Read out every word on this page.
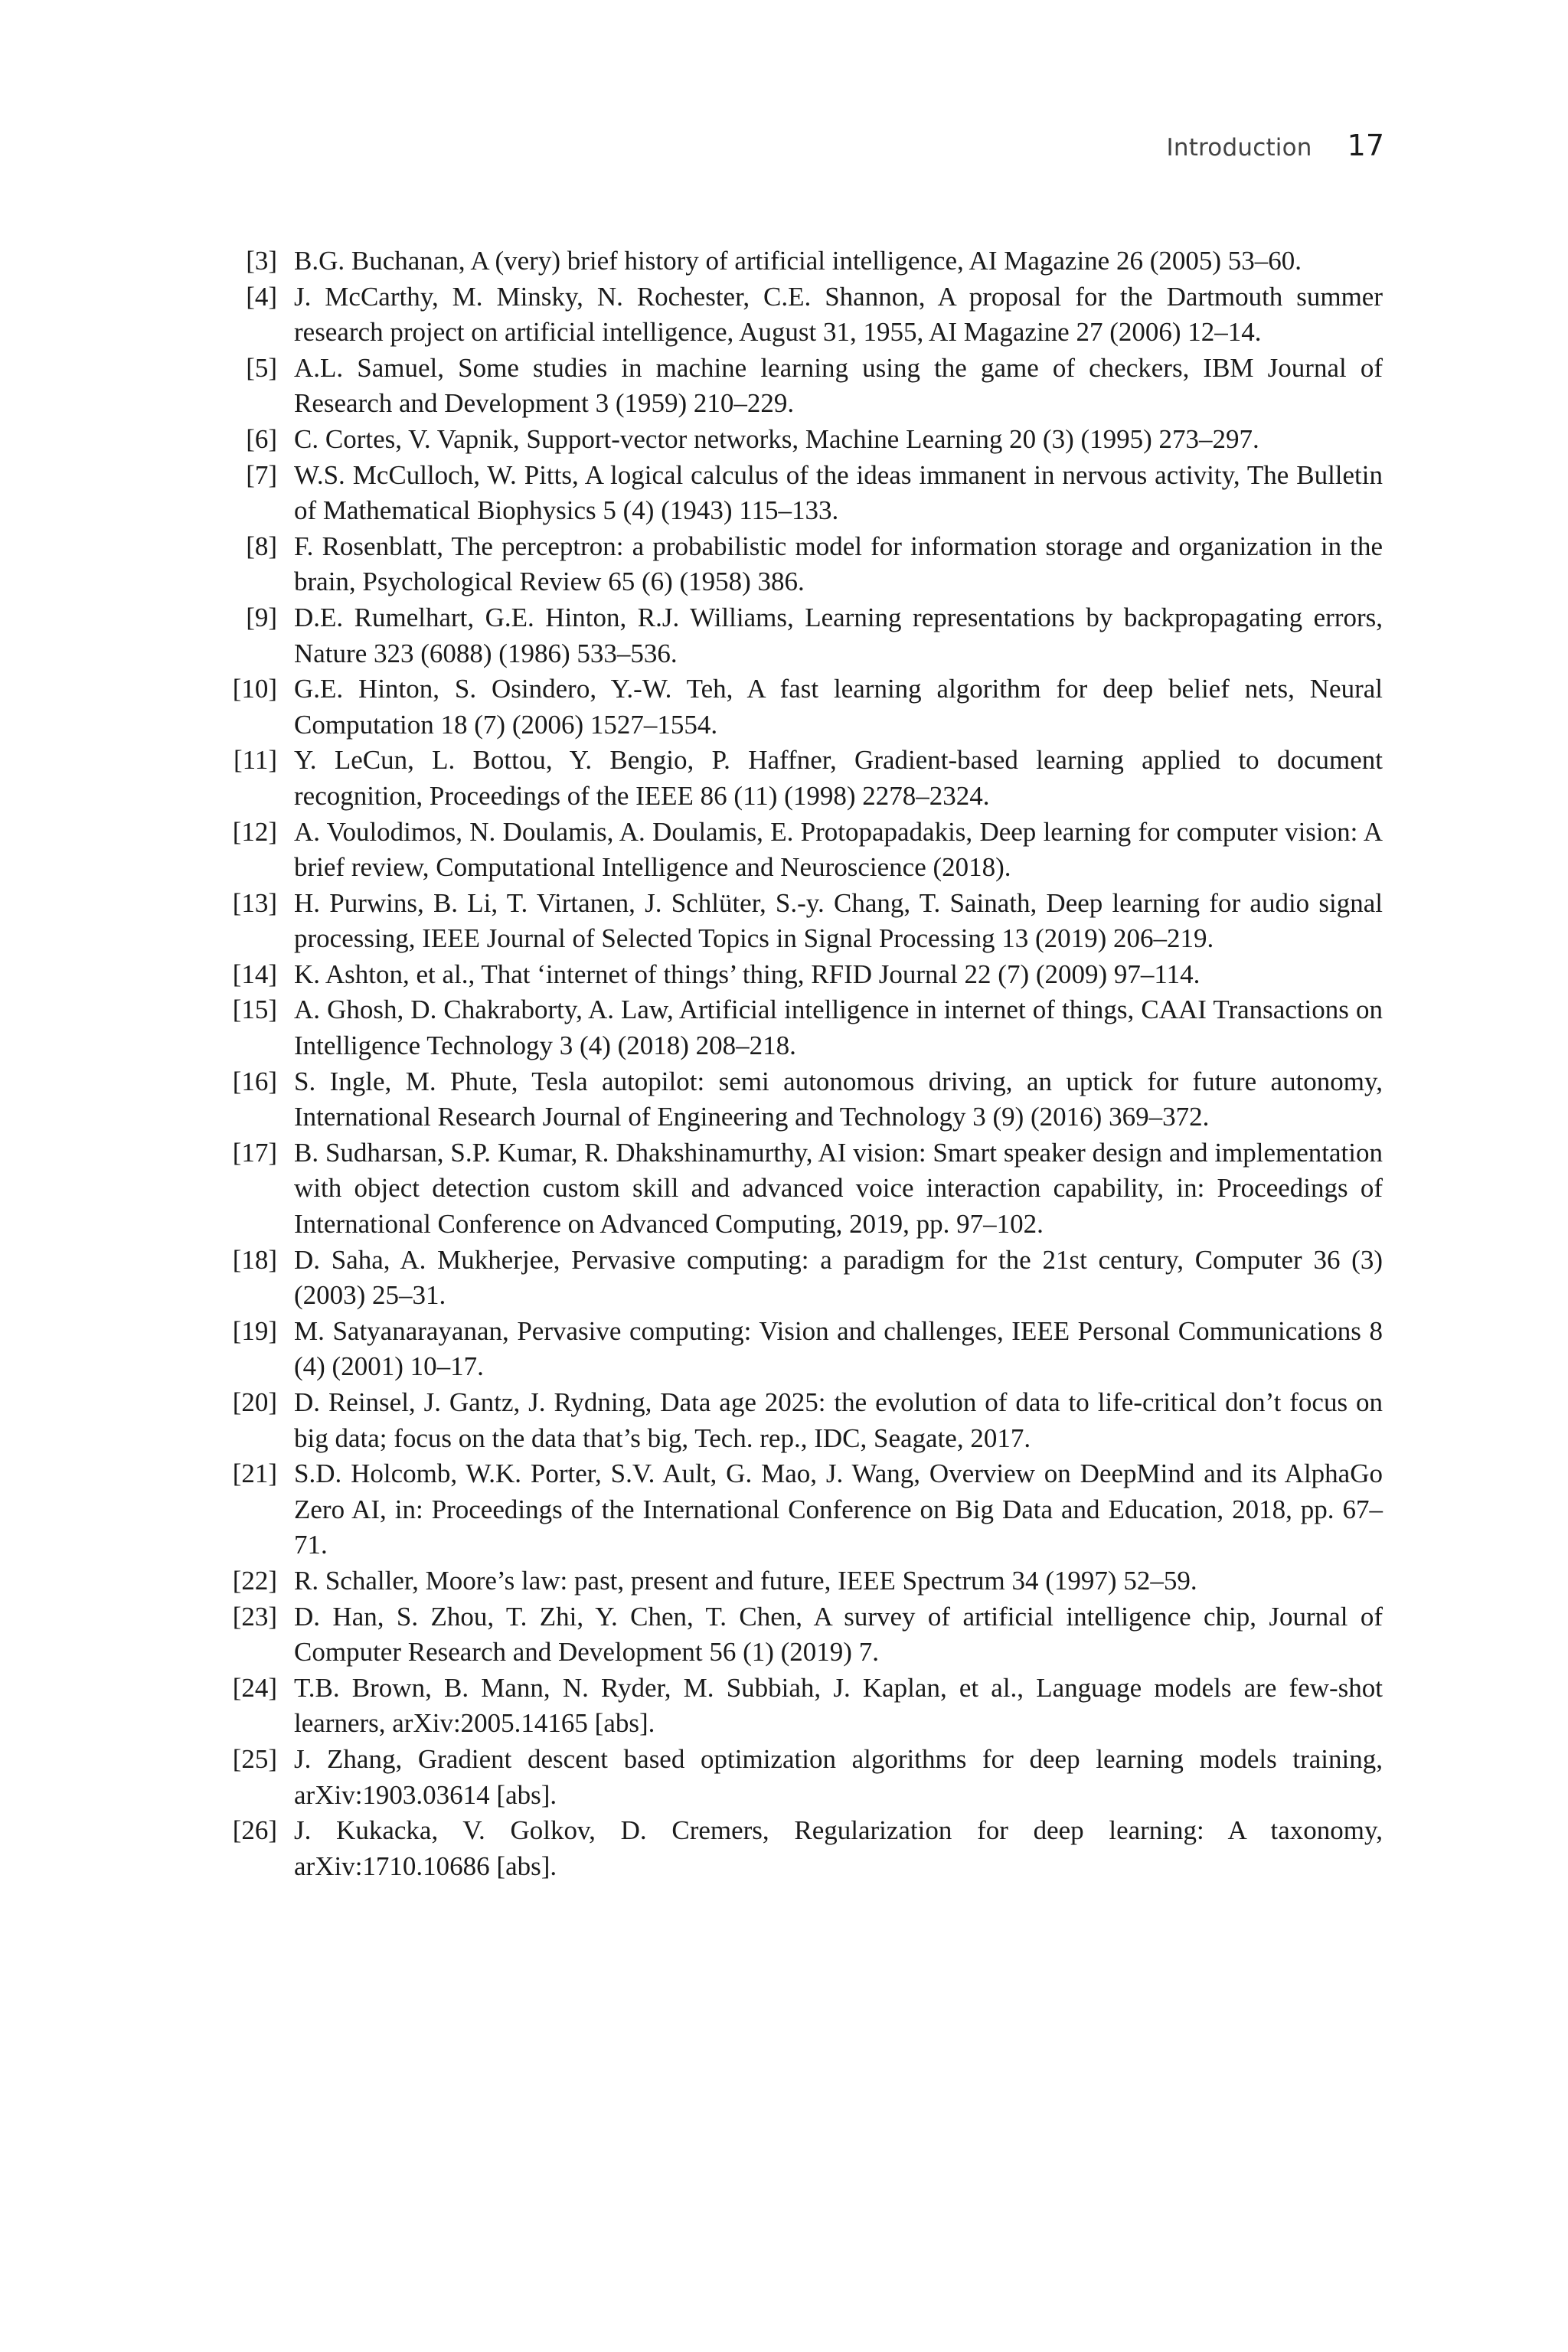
Introduction 17
[3] B.G. Buchanan, A (very) brief history of artificial intelligence, AI Magazine 26 (2005) 53–60.
[4] J. McCarthy, M. Minsky, N. Rochester, C.E. Shannon, A proposal for the Dartmouth summer research project on artificial intelligence, August 31, 1955, AI Magazine 27 (2006) 12–14.
[5] A.L. Samuel, Some studies in machine learning using the game of checkers, IBM Journal of Research and Development 3 (1959) 210–229.
[6] C. Cortes, V. Vapnik, Support-vector networks, Machine Learning 20 (3) (1995) 273–297.
[7] W.S. McCulloch, W. Pitts, A logical calculus of the ideas immanent in nervous activity, The Bulletin of Mathematical Biophysics 5 (4) (1943) 115–133.
[8] F. Rosenblatt, The perceptron: a probabilistic model for information storage and organization in the brain, Psychological Review 65 (6) (1958) 386.
[9] D.E. Rumelhart, G.E. Hinton, R.J. Williams, Learning representations by backpropagating errors, Nature 323 (6088) (1986) 533–536.
[10] G.E. Hinton, S. Osindero, Y.-W. Teh, A fast learning algorithm for deep belief nets, Neural Computation 18 (7) (2006) 1527–1554.
[11] Y. LeCun, L. Bottou, Y. Bengio, P. Haffner, Gradient-based learning applied to document recognition, Proceedings of the IEEE 86 (11) (1998) 2278–2324.
[12] A. Voulodimos, N. Doulamis, A. Doulamis, E. Protopapadakis, Deep learning for computer vision: A brief review, Computational Intelligence and Neuroscience (2018).
[13] H. Purwins, B. Li, T. Virtanen, J. Schlüter, S.-y. Chang, T. Sainath, Deep learning for audio signal processing, IEEE Journal of Selected Topics in Signal Processing 13 (2019) 206–219.
[14] K. Ashton, et al., That ‘internet of things’ thing, RFID Journal 22 (7) (2009) 97–114.
[15] A. Ghosh, D. Chakraborty, A. Law, Artificial intelligence in internet of things, CAAI Transactions on Intelligence Technology 3 (4) (2018) 208–218.
[16] S. Ingle, M. Phute, Tesla autopilot: semi autonomous driving, an uptick for future autonomy, International Research Journal of Engineering and Technology 3 (9) (2016) 369–372.
[17] B. Sudharsan, S.P. Kumar, R. Dhakshinamurthy, AI vision: Smart speaker design and implementation with object detection custom skill and advanced voice interaction capability, in: Proceedings of International Conference on Advanced Computing, 2019, pp. 97–102.
[18] D. Saha, A. Mukherjee, Pervasive computing: a paradigm for the 21st century, Computer 36 (3) (2003) 25–31.
[19] M. Satyanarayanan, Pervasive computing: Vision and challenges, IEEE Personal Communications 8 (4) (2001) 10–17.
[20] D. Reinsel, J. Gantz, J. Rydning, Data age 2025: the evolution of data to life-critical don’t focus on big data; focus on the data that’s big, Tech. rep., IDC, Seagate, 2017.
[21] S.D. Holcomb, W.K. Porter, S.V. Ault, G. Mao, J. Wang, Overview on DeepMind and its AlphaGo Zero AI, in: Proceedings of the International Conference on Big Data and Education, 2018, pp. 67–71.
[22] R. Schaller, Moore’s law: past, present and future, IEEE Spectrum 34 (1997) 52–59.
[23] D. Han, S. Zhou, T. Zhi, Y. Chen, T. Chen, A survey of artificial intelligence chip, Journal of Computer Research and Development 56 (1) (2019) 7.
[24] T.B. Brown, B. Mann, N. Ryder, M. Subbiah, J. Kaplan, et al., Language models are few-shot learners, arXiv:2005.14165 [abs].
[25] J. Zhang, Gradient descent based optimization algorithms for deep learning models training, arXiv:1903.03614 [abs].
[26] J. Kukacka, V. Golkov, D. Cremers, Regularization for deep learning: A taxonomy, arXiv:1710.10686 [abs].
